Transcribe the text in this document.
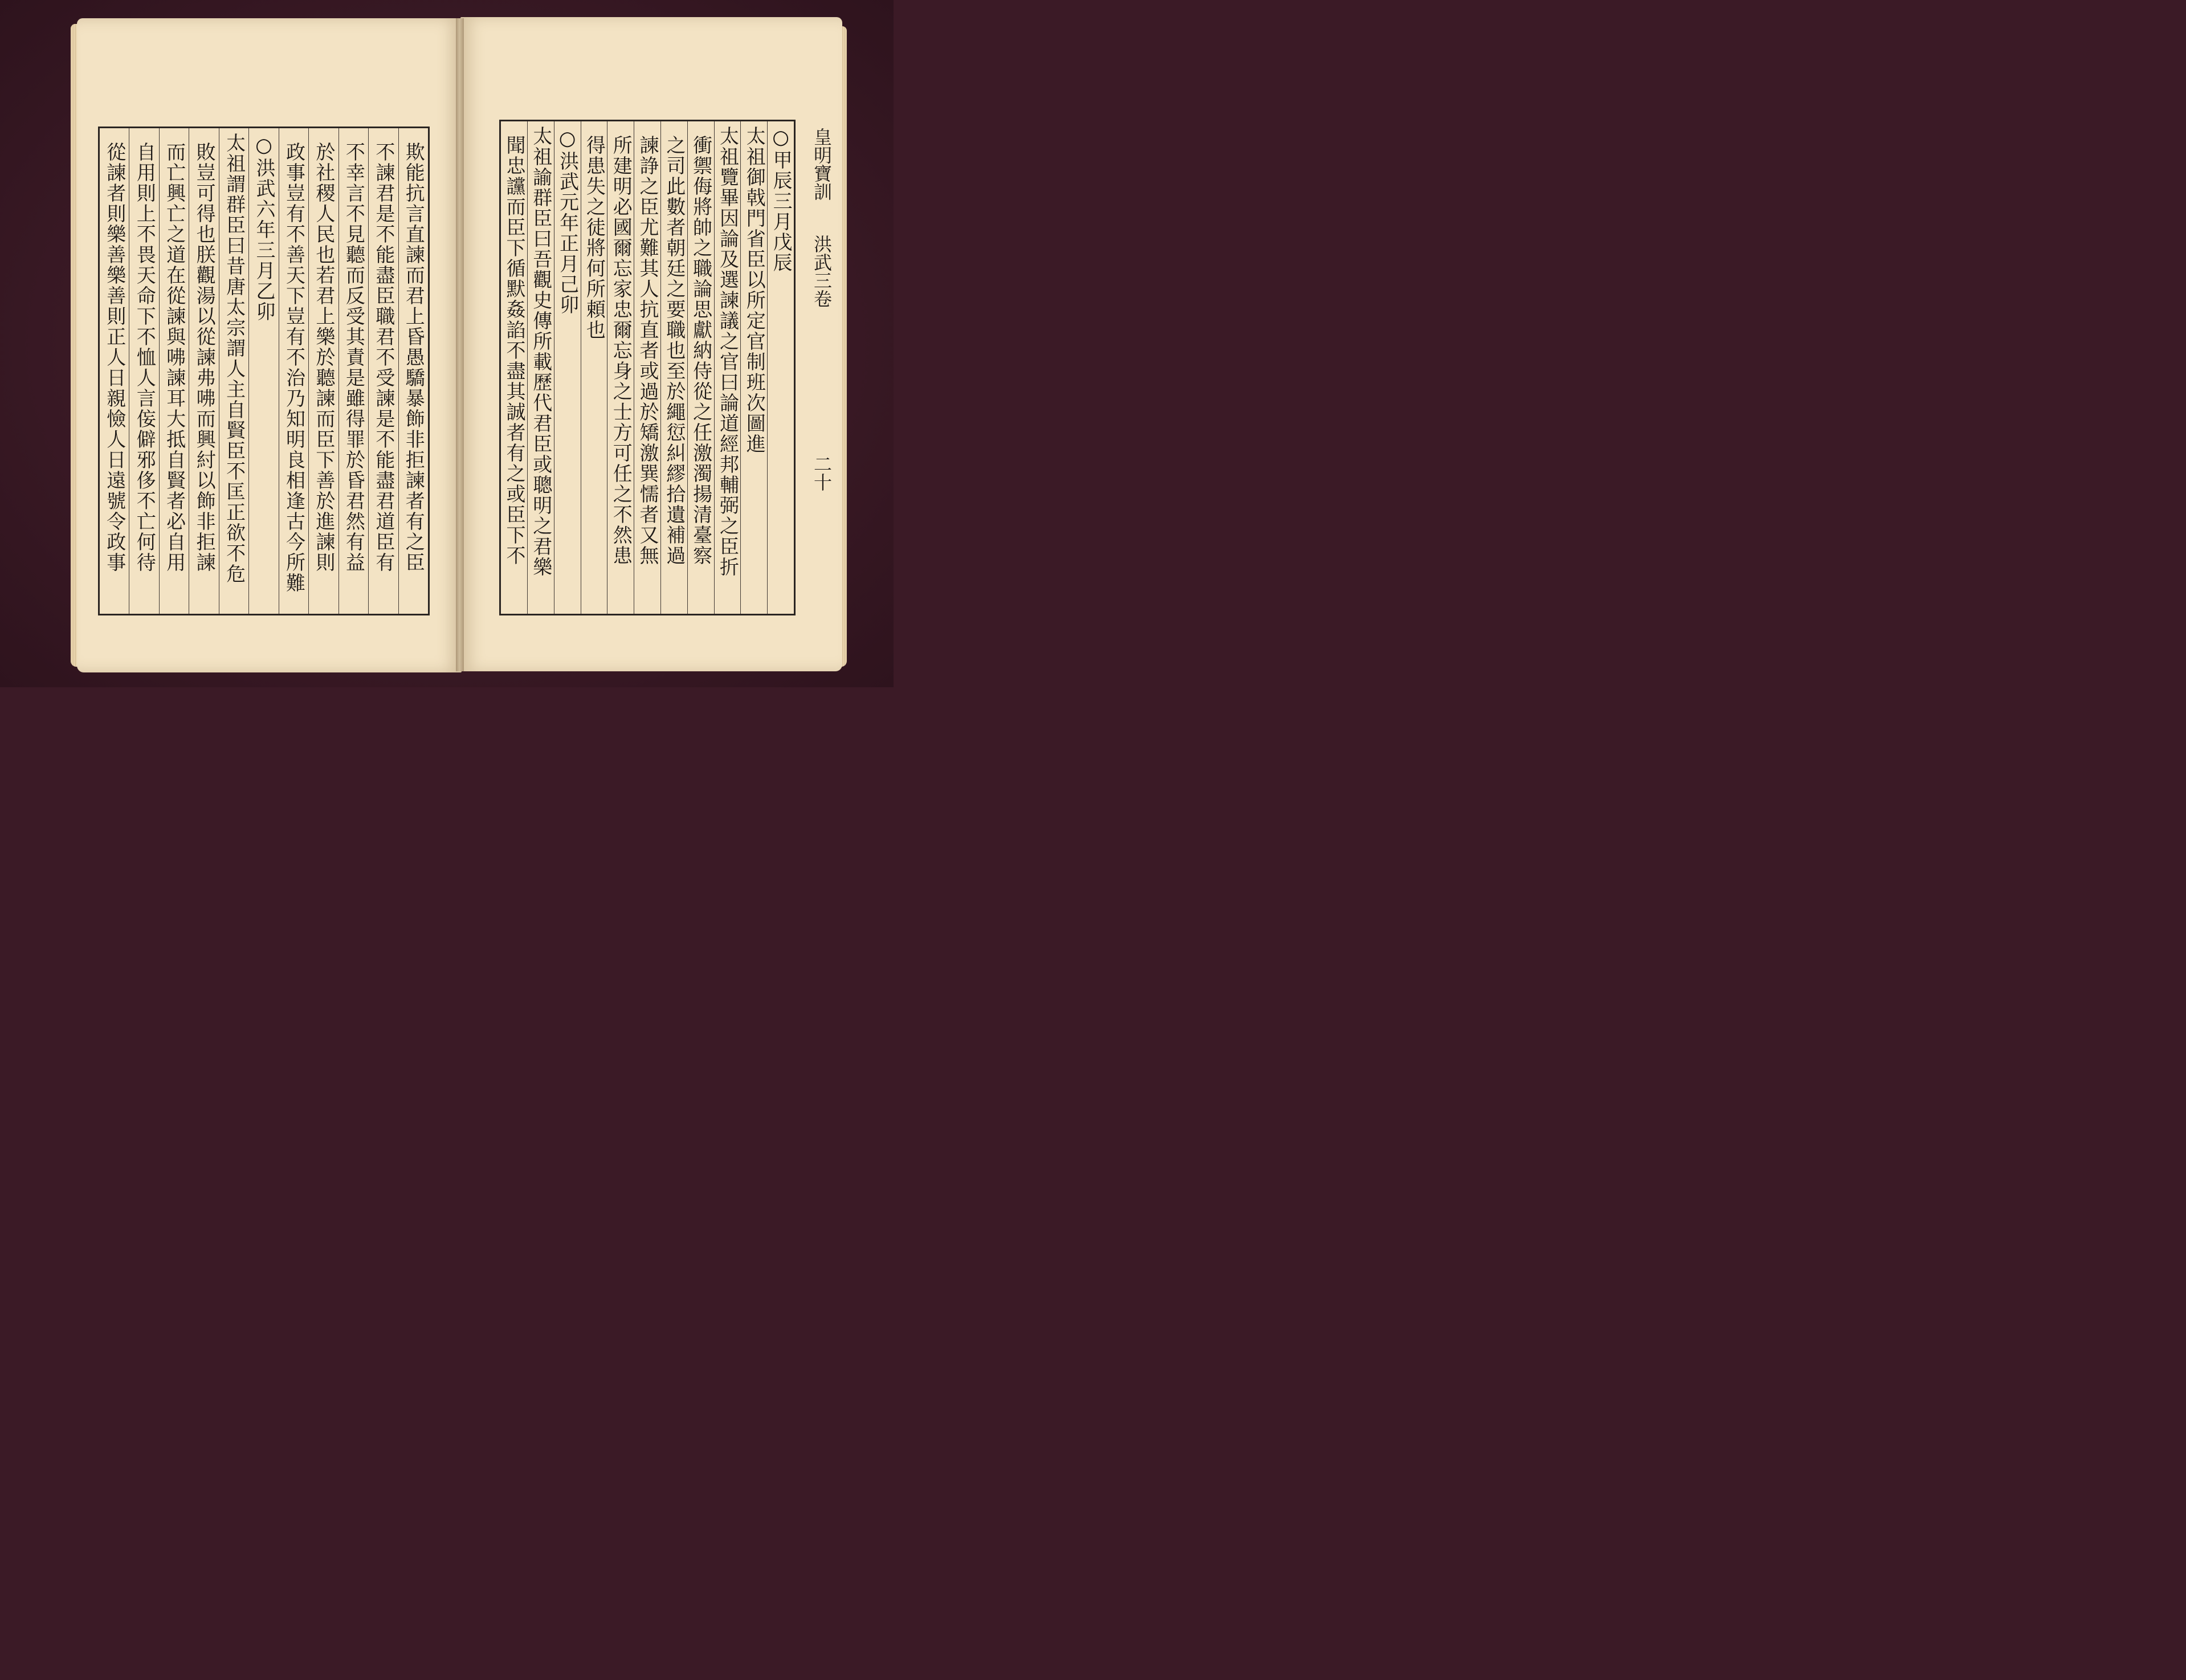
欺能抗言直諫而君上昏愚驕暴飾非拒諫者有之臣
不諫君是不能盡臣職君不受諫是不能盡君道臣有
不幸言不見聽而反受其責是雖得罪於昏君然有益
於社稷人民也若君上樂於聽諫而臣下善於進諫則
政事豈有不善天下豈有不治乃知明良相逢古今所難
○洪武六年三月乙卯
太祖謂群臣曰昔唐太宗謂人主自賢臣不匡正欲不危
敗豈可得也朕觀湯以從諫弗咈而興紂以飾非拒諫
而亡興亡之道在從諫與咈諫耳大抵自賢者必自用
自用則上不畏天命下不恤人言侫僻邪侈不亡何待
從諫者則樂善樂善則正人日親憸人日遠號令政事	○甲辰三月戊辰
太祖御戟門省臣以所定官制班次圖進
太祖覽畢因論及選諫議之官曰論道經邦輔弼之臣折
衝禦侮將帥之職論思獻納侍從之任激濁揚清臺察
之司此數者朝廷之要職也至於繩愆糾繆拾遺補過
諫諍之臣尤難其人抗直者或過於矯激巽懦者又無
所建明必國爾忘家忠爾忘身之士方可任之不然患
得患失之徒將何所頼也
○洪武元年正月己卯
太祖諭群臣曰吾觀史傳所載歷代君臣或聰明之君樂
聞忠讜而臣下循默姦諂不盡其誠者有之或臣下不	皇明寶訓
洪武三卷
二十
